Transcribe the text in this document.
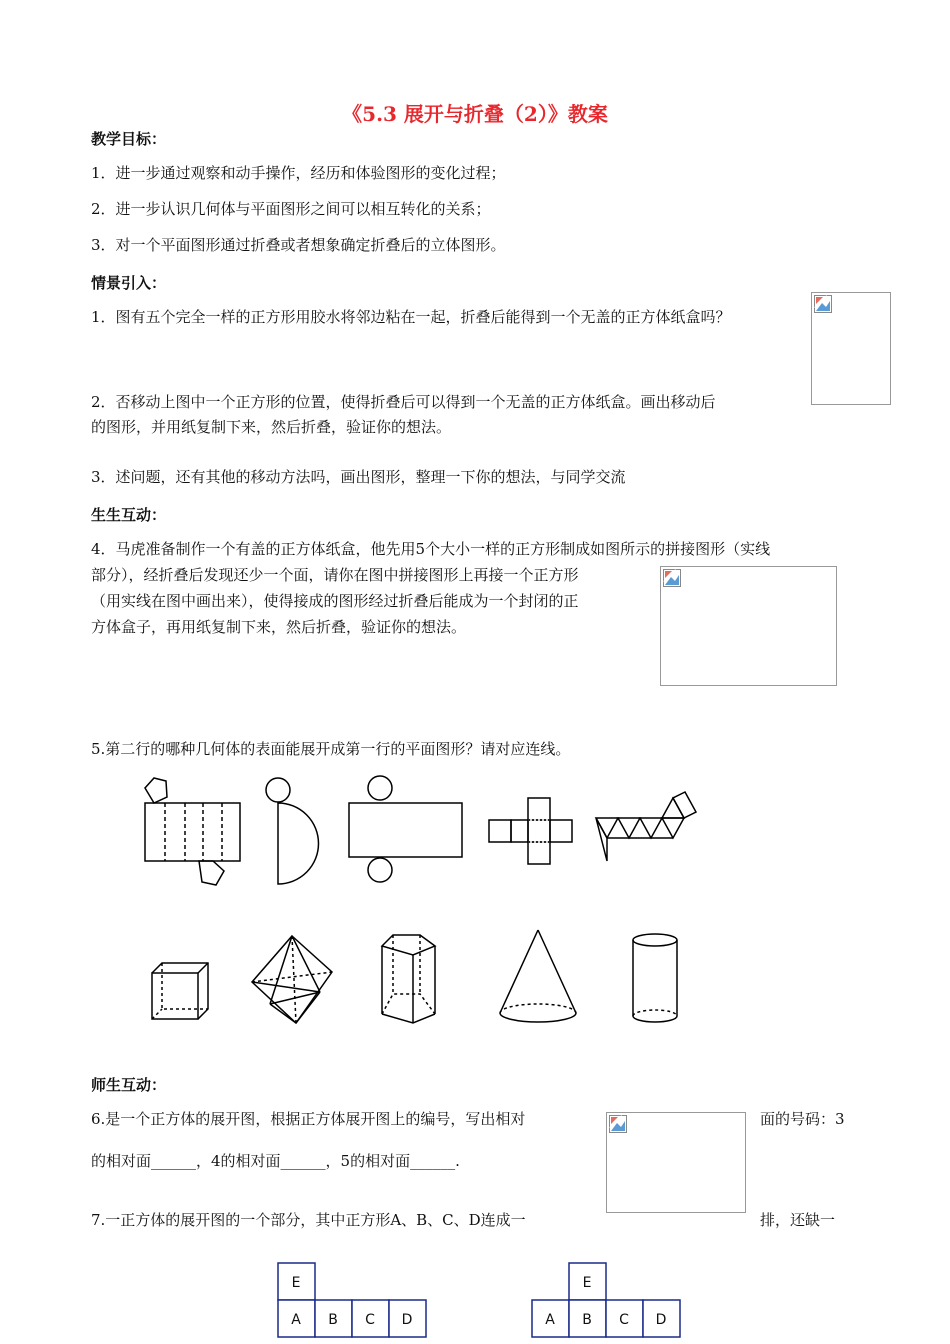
《5.3 展开与折叠（2）》教案
教学目标：
1．进一步通过观察和动手操作，经历和体验图形的变化过程；
2．进一步认识几何体与平面图形之间可以相互转化的关系；
3．对一个平面图形通过折叠或者想象确定折叠后的立体图形。
情景引入：
1．图有五个完全一样的正方形用胶水将邻边粘在一起，折叠后能得到一个无盖的正方体纸盒吗？
2．否移动上图中一个正方形的位置，使得折叠后可以得到一个无盖的正方体纸盒。画出移动后
的图形，并用纸复制下来，然后折叠，验证你的想法。
3．述问题，还有其他的移动方法吗，画出图形，整理一下你的想法，与同学交流
生生互动：
4．马虎准备制作一个有盖的正方体纸盒，他先用5个大小一样的正方形制成如图所示的拼接图形（实线
部分），经折叠后发现还少一个面，请你在图中拼接图形上再接一个正方形
（用实线在图中画出来），使得接成的图形经过折叠后能成为一个封闭的正
方体盒子，再用纸复制下来，然后折叠，验证你的想法。
5.第二行的哪种几何体的表面能展开成第一行的平面图形？请对应连线。
师生互动：
6.是一个正方体的展开图，根据正方体展开图上的编号，写出相对	面的号码：3
的相对面______，4的相对面______，5的相对面______.
7.一正方体的展开图的一个部分，其中正方形A、B、C、D连成一	排，还缺一
E
A B C D
E
A B C D
